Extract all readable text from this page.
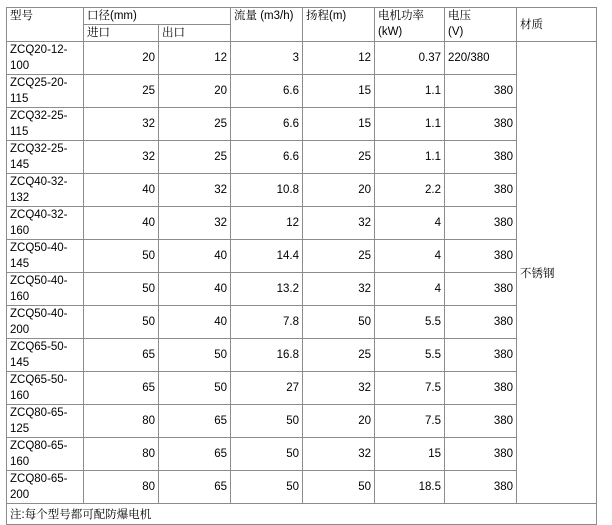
型号	口径(mm)		流量 (m3/h)	扬程(m)	电机功率
(kW)	电压
(V)	材质
	进口	出口					
ZCQ20-12-
100	20	12	3	12	0.37	220/380	不锈钢
ZCQ25-20-
115	25	20	6.6	15	1.1	380	
ZCQ32-25-
115	32	25	6.6	15	1.1	380	
ZCQ32-25-
145	32	25	6.6	25	1.1	380	
ZCQ40-32-
132	40	32	10.8	20	2.2	380	
ZCQ40-32-
160	40	32	12	32	4	380	
ZCQ50-40-
145	50	40	14.4	25	4	380	
ZCQ50-40-
160	50	40	13.2	32	4	380	
ZCQ50-40-
200	50	40	7.8	50	5.5	380	
ZCQ65-50-
145	65	50	16.8	25	5.5	380	
ZCQ65-50-
160	65	50	27	32	7.5	380	
ZCQ80-65-
125	80	65	50	20	7.5	380	
ZCQ80-65-
160	80	65	50	32	15	380	
ZCQ80-65-
200	80	65	50	50	18.5	380	
注:每个型号都可配防爆电机							
